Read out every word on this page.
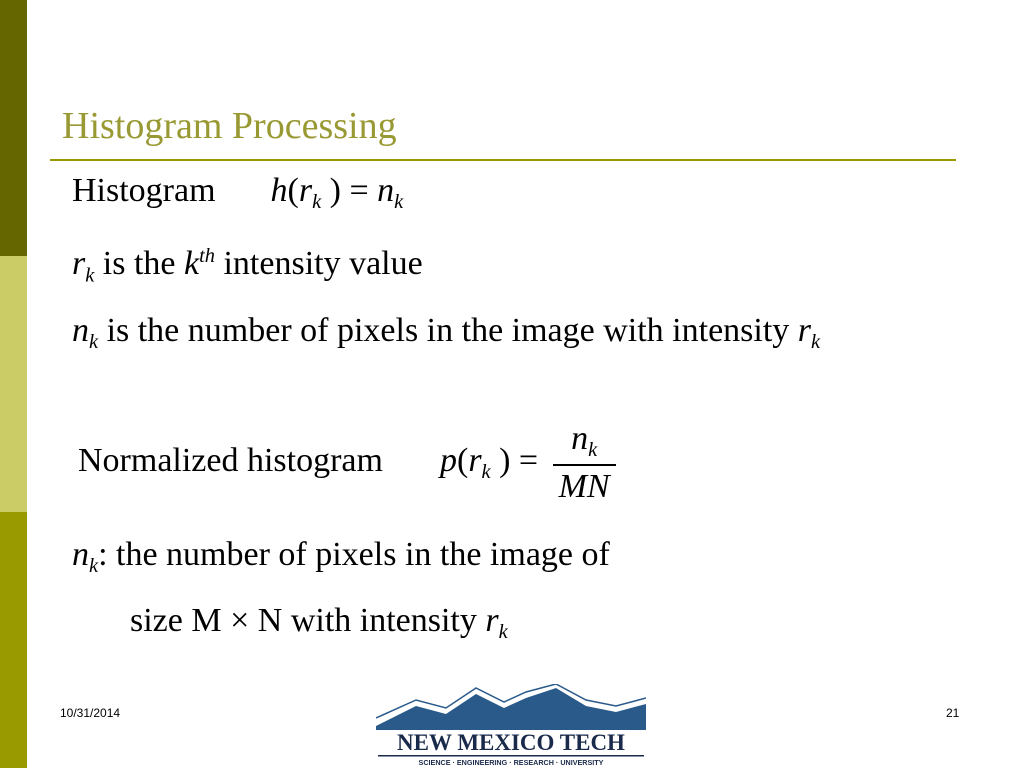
Histogram Processing
Histogram $h(r_k$ ) = $n_k$
$r_k$ is the $k^{th}$ intensity value
$n_k$ is the number of pixels in the image with intensity $r_k$
Normalized histogram $p(r_k$ ) = $\frac{n_k}{MN}$
$n_k$: the number of pixels in the image of
size M × N with intensity $r_k$
10/31/2014	21
NEW MEXICO TECH
SCIENCE · ENGINEERING · RESEARCH · UNIVERSITY
